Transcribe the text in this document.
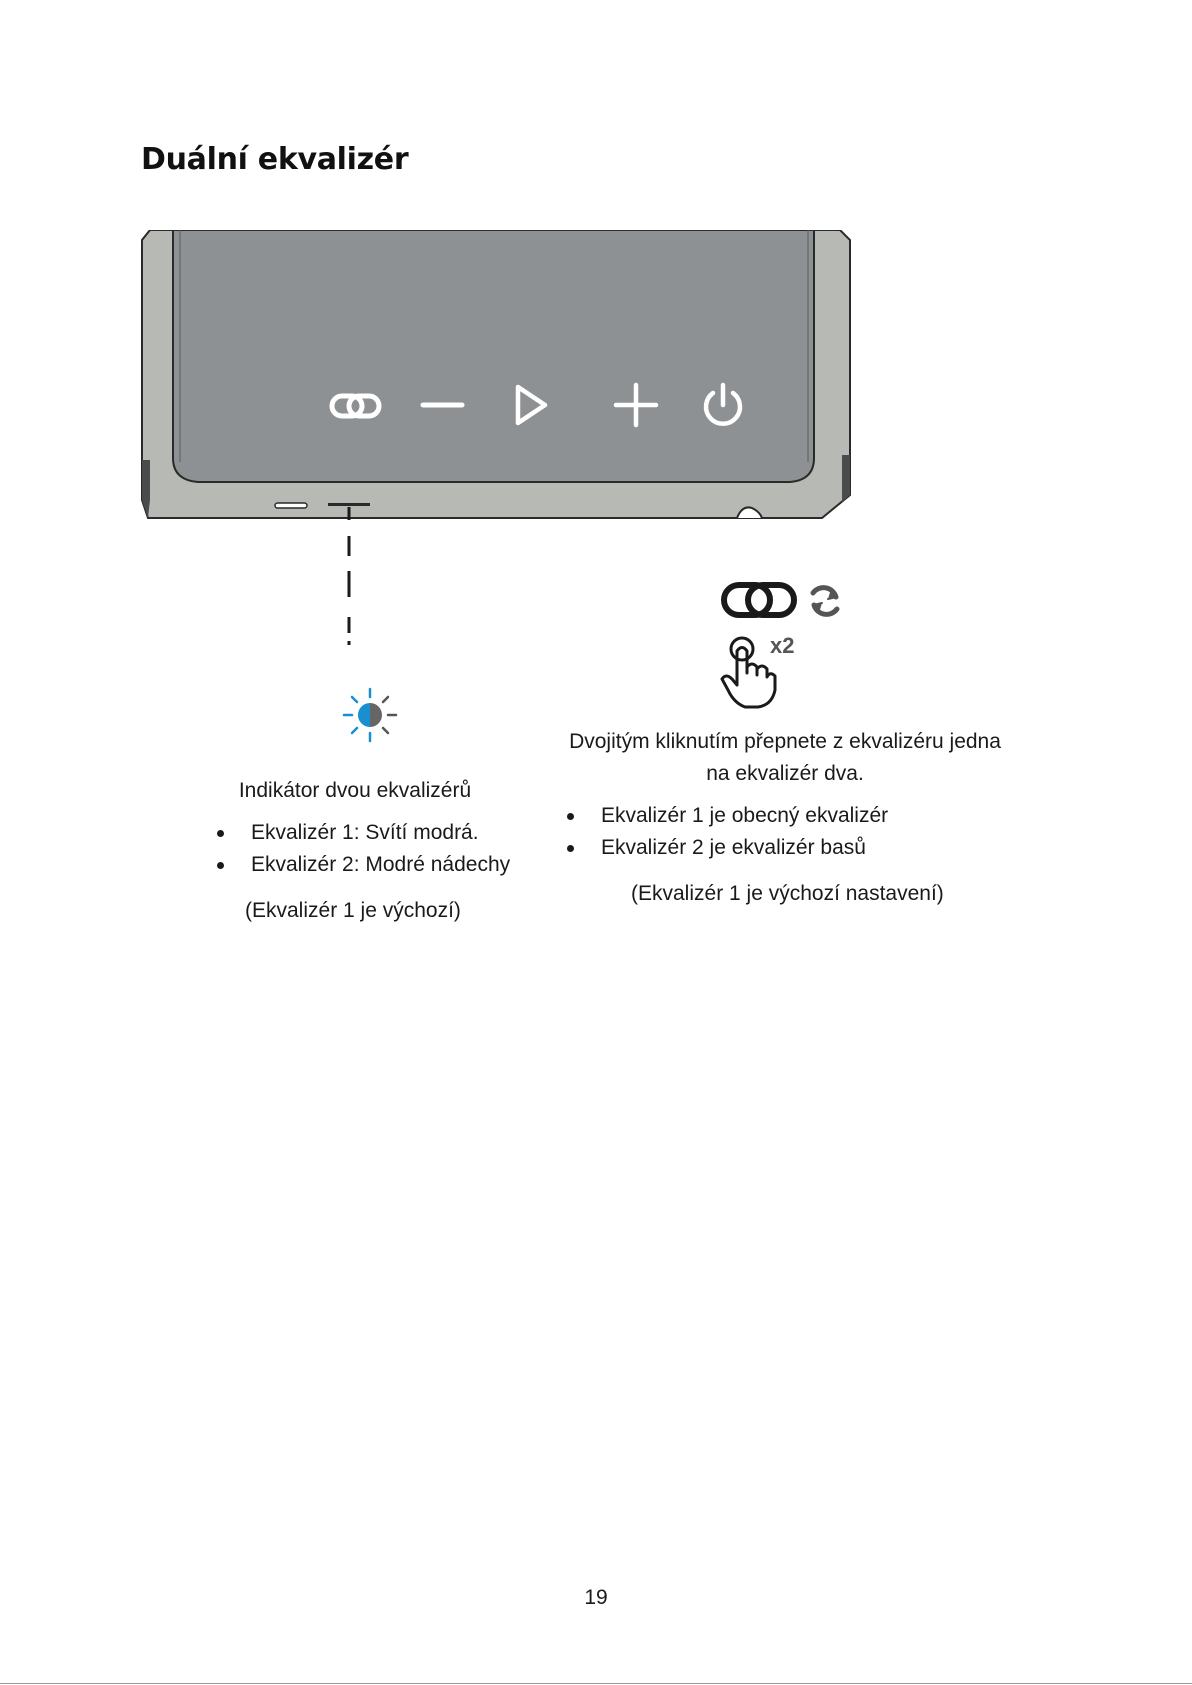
Duální ekvalizér
x2
Indikátor dvou ekvalizérů
Ekvalizér 1: Svítí modrá.
Ekvalizér 2: Modré nádechy
(Ekvalizér 1 je výchozí)
Dvojitým kliknutím přepnete z ekvalizéru jedna na ekvalizér dva.
Ekvalizér 1 je obecný ekvalizér
Ekvalizér 2 je ekvalizér basů
(Ekvalizér 1 je výchozí nastavení)
19
